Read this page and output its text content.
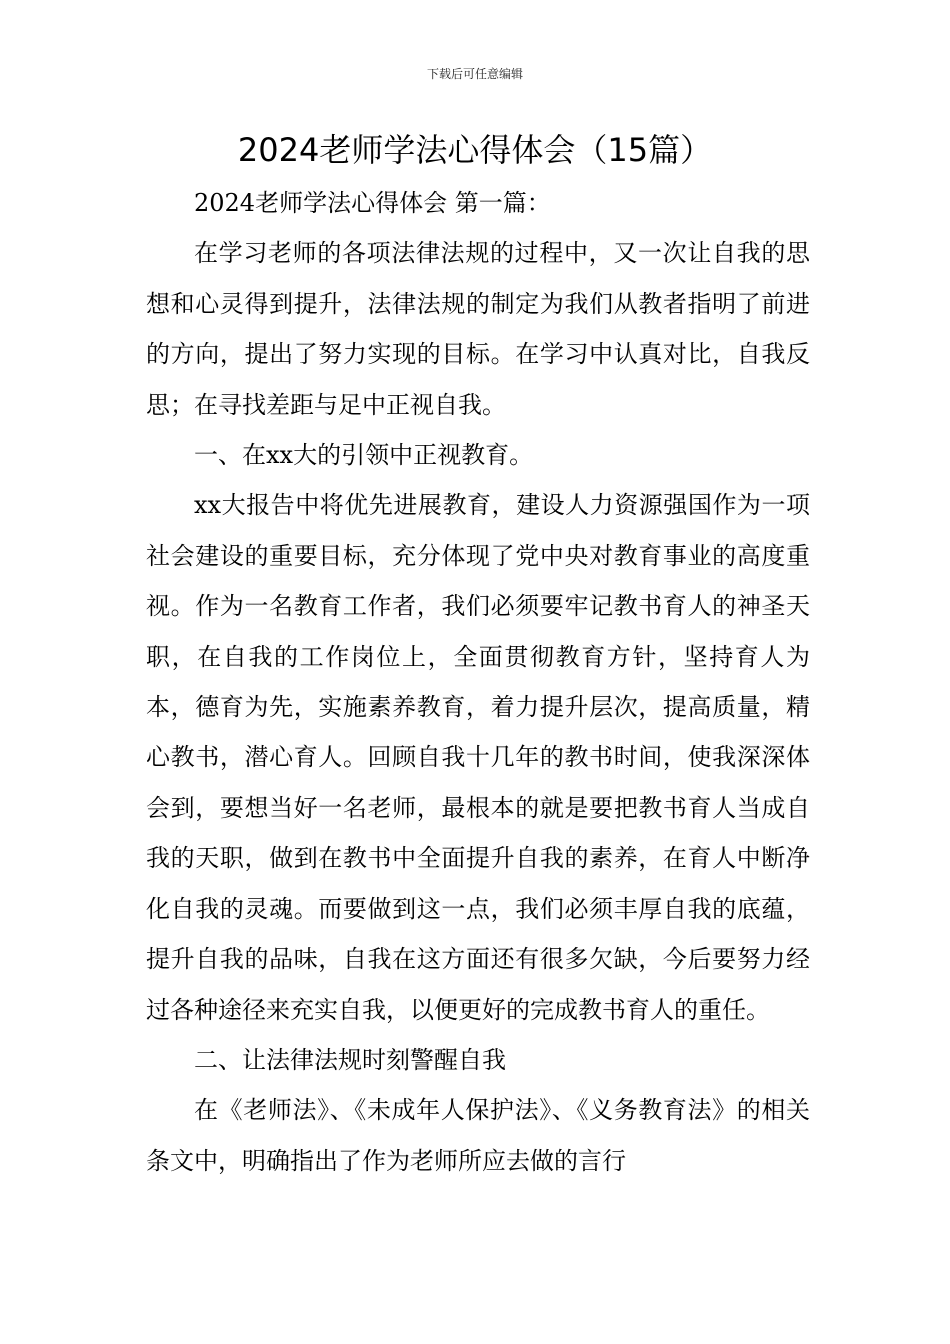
下载后可任意编辑
2024老师学法心得体会（15篇）

2024老师学法心得体会 第一篇：

在学习老师的各项法律法规的过程中，又一次让自我的思想和心灵得到提升，法律法规的制定为我们从教者指明了前进的方向，提出了努力实现的目标。在学习中认真对比，自我反思；在寻找差距与足中正视自我。

一、在xx大的引领中正视教育。

xx大报告中将优先进展教育，建设人力资源强国作为一项社会建设的重要目标，充分体现了党中央对教育事业的高度重视。作为一名教育工作者，我们必须要牢记教书育人的神圣天职，在自我的工作岗位上，全面贯彻教育方针，坚持育人为本，德育为先，实施素养教育，着力提升层次，提高质量，精心教书，潜心育人。回顾自我十几年的教书时间，使我深深体会到，要想当好一名老师，最根本的就是要把教书育人当成自我的天职，做到在教书中全面提升自我的素养，在育人中断净化自我的灵魂。而要做到这一点，我们必须丰厚自我的底蕴，提升自我的品味，自我在这方面还有很多欠缺，今后要努力经过各种途径来充实自我，以便更好的完成教书育人的重任。

二、让法律法规时刻警醒自我

在《老师法》、《未成年人保护法》、《义务教育法》的相关条文中，明确指出了作为老师所应去做的言行
